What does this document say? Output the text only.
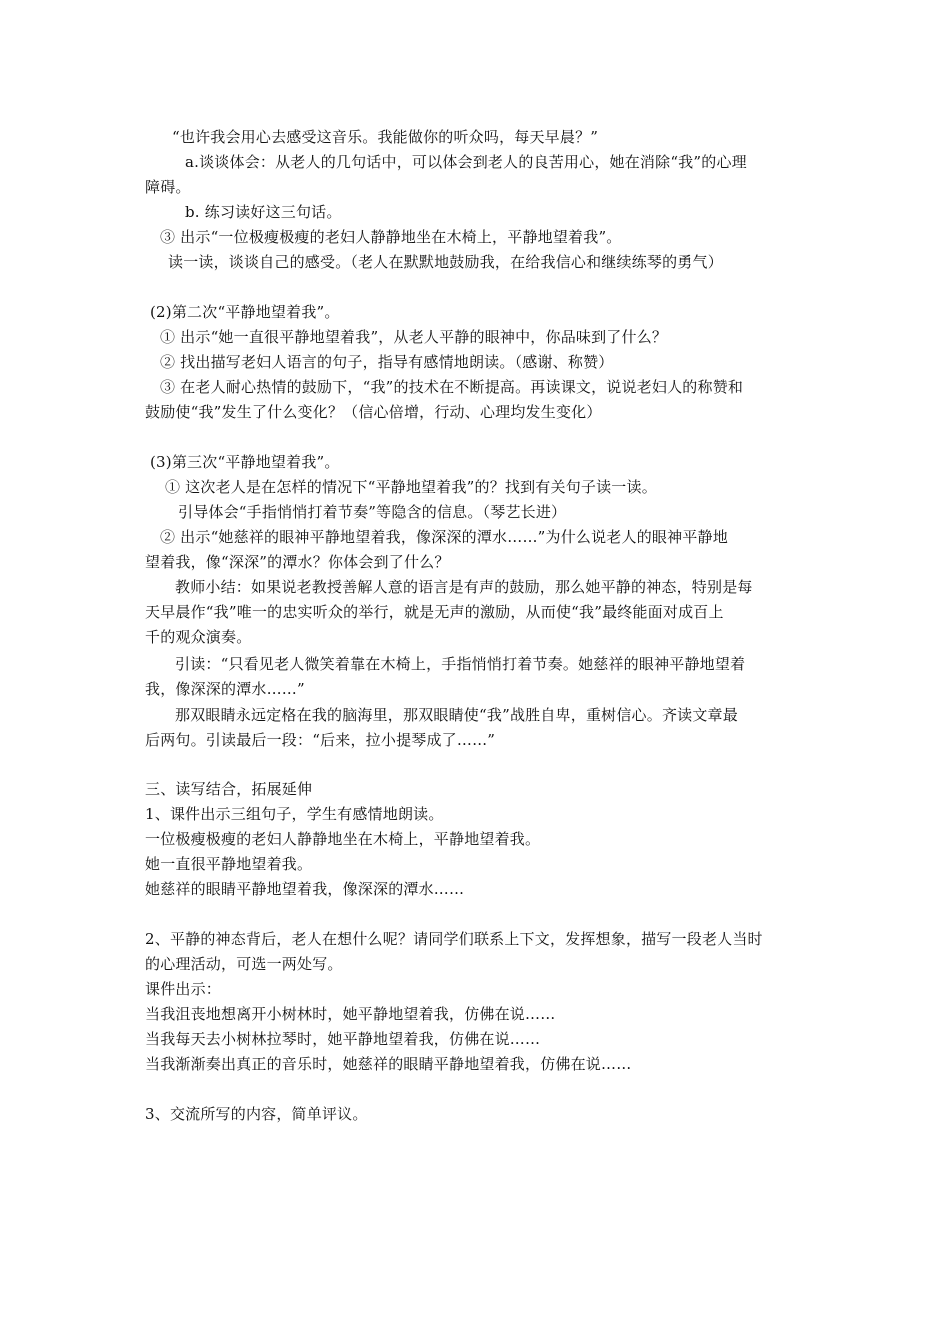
“也许我会用心去感受这音乐。我能做你的听众吗，每天早晨？”
a.谈谈体会：从老人的几句话中，可以体会到老人的良苦用心，她在消除“我”的心理
障碍。
b. 练习读好这三句话。
③ 出示“一位极瘦极瘦的老妇人静静地坐在木椅上，平静地望着我”。
读一读，谈谈自己的感受。（老人在默默地鼓励我，在给我信心和继续练琴的勇气）
(2)第二次“平静地望着我”。
① 出示“她一直很平静地望着我”，从老人平静的眼神中，你品味到了什么？
② 找出描写老妇人语言的句子，指导有感情地朗读。（感谢、称赞）
③ 在老人耐心热情的鼓励下，“我”的技术在不断提高。再读课文，说说老妇人的称赞和
鼓励使“我”发生了什么变化？（信心倍增，行动、心理均发生变化）
(3)第三次“平静地望着我”。
① 这次老人是在怎样的情况下“平静地望着我”的？找到有关句子读一读。
引导体会“手指悄悄打着节奏”等隐含的信息。（琴艺长进）
② 出示“她慈祥的眼神平静地望着我，像深深的潭水……”为什么说老人的眼神平静地
望着我，像“深深”的潭水？你体会到了什么？
教师小结：如果说老教授善解人意的语言是有声的鼓励，那么她平静的神态，特别是每
天早晨作“我”唯一的忠实听众的举行，就是无声的激励，从而使“我”最终能面对成百上
千的观众演奏。
引读：“只看见老人微笑着靠在木椅上，手指悄悄打着节奏。她慈祥的眼神平静地望着
我，像深深的潭水……”
那双眼睛永远定格在我的脑海里，那双眼睛使“我”战胜自卑，重树信心。齐读文章最
后两句。引读最后一段：“后来，拉小提琴成了……”
三、读写结合，拓展延伸
1、课件出示三组句子，学生有感情地朗读。
一位极瘦极瘦的老妇人静静地坐在木椅上，平静地望着我。
她一直很平静地望着我。
她慈祥的眼睛平静地望着我，像深深的潭水……
2、平静的神态背后，老人在想什么呢？请同学们联系上下文，发挥想象，描写一段老人当时
的心理活动，可选一两处写。
课件出示：
当我沮丧地想离开小树林时，她平静地望着我，仿佛在说……
当我每天去小树林拉琴时，她平静地望着我，仿佛在说……
当我渐渐奏出真正的音乐时，她慈祥的眼睛平静地望着我，仿佛在说……
3、交流所写的内容，简单评议。
